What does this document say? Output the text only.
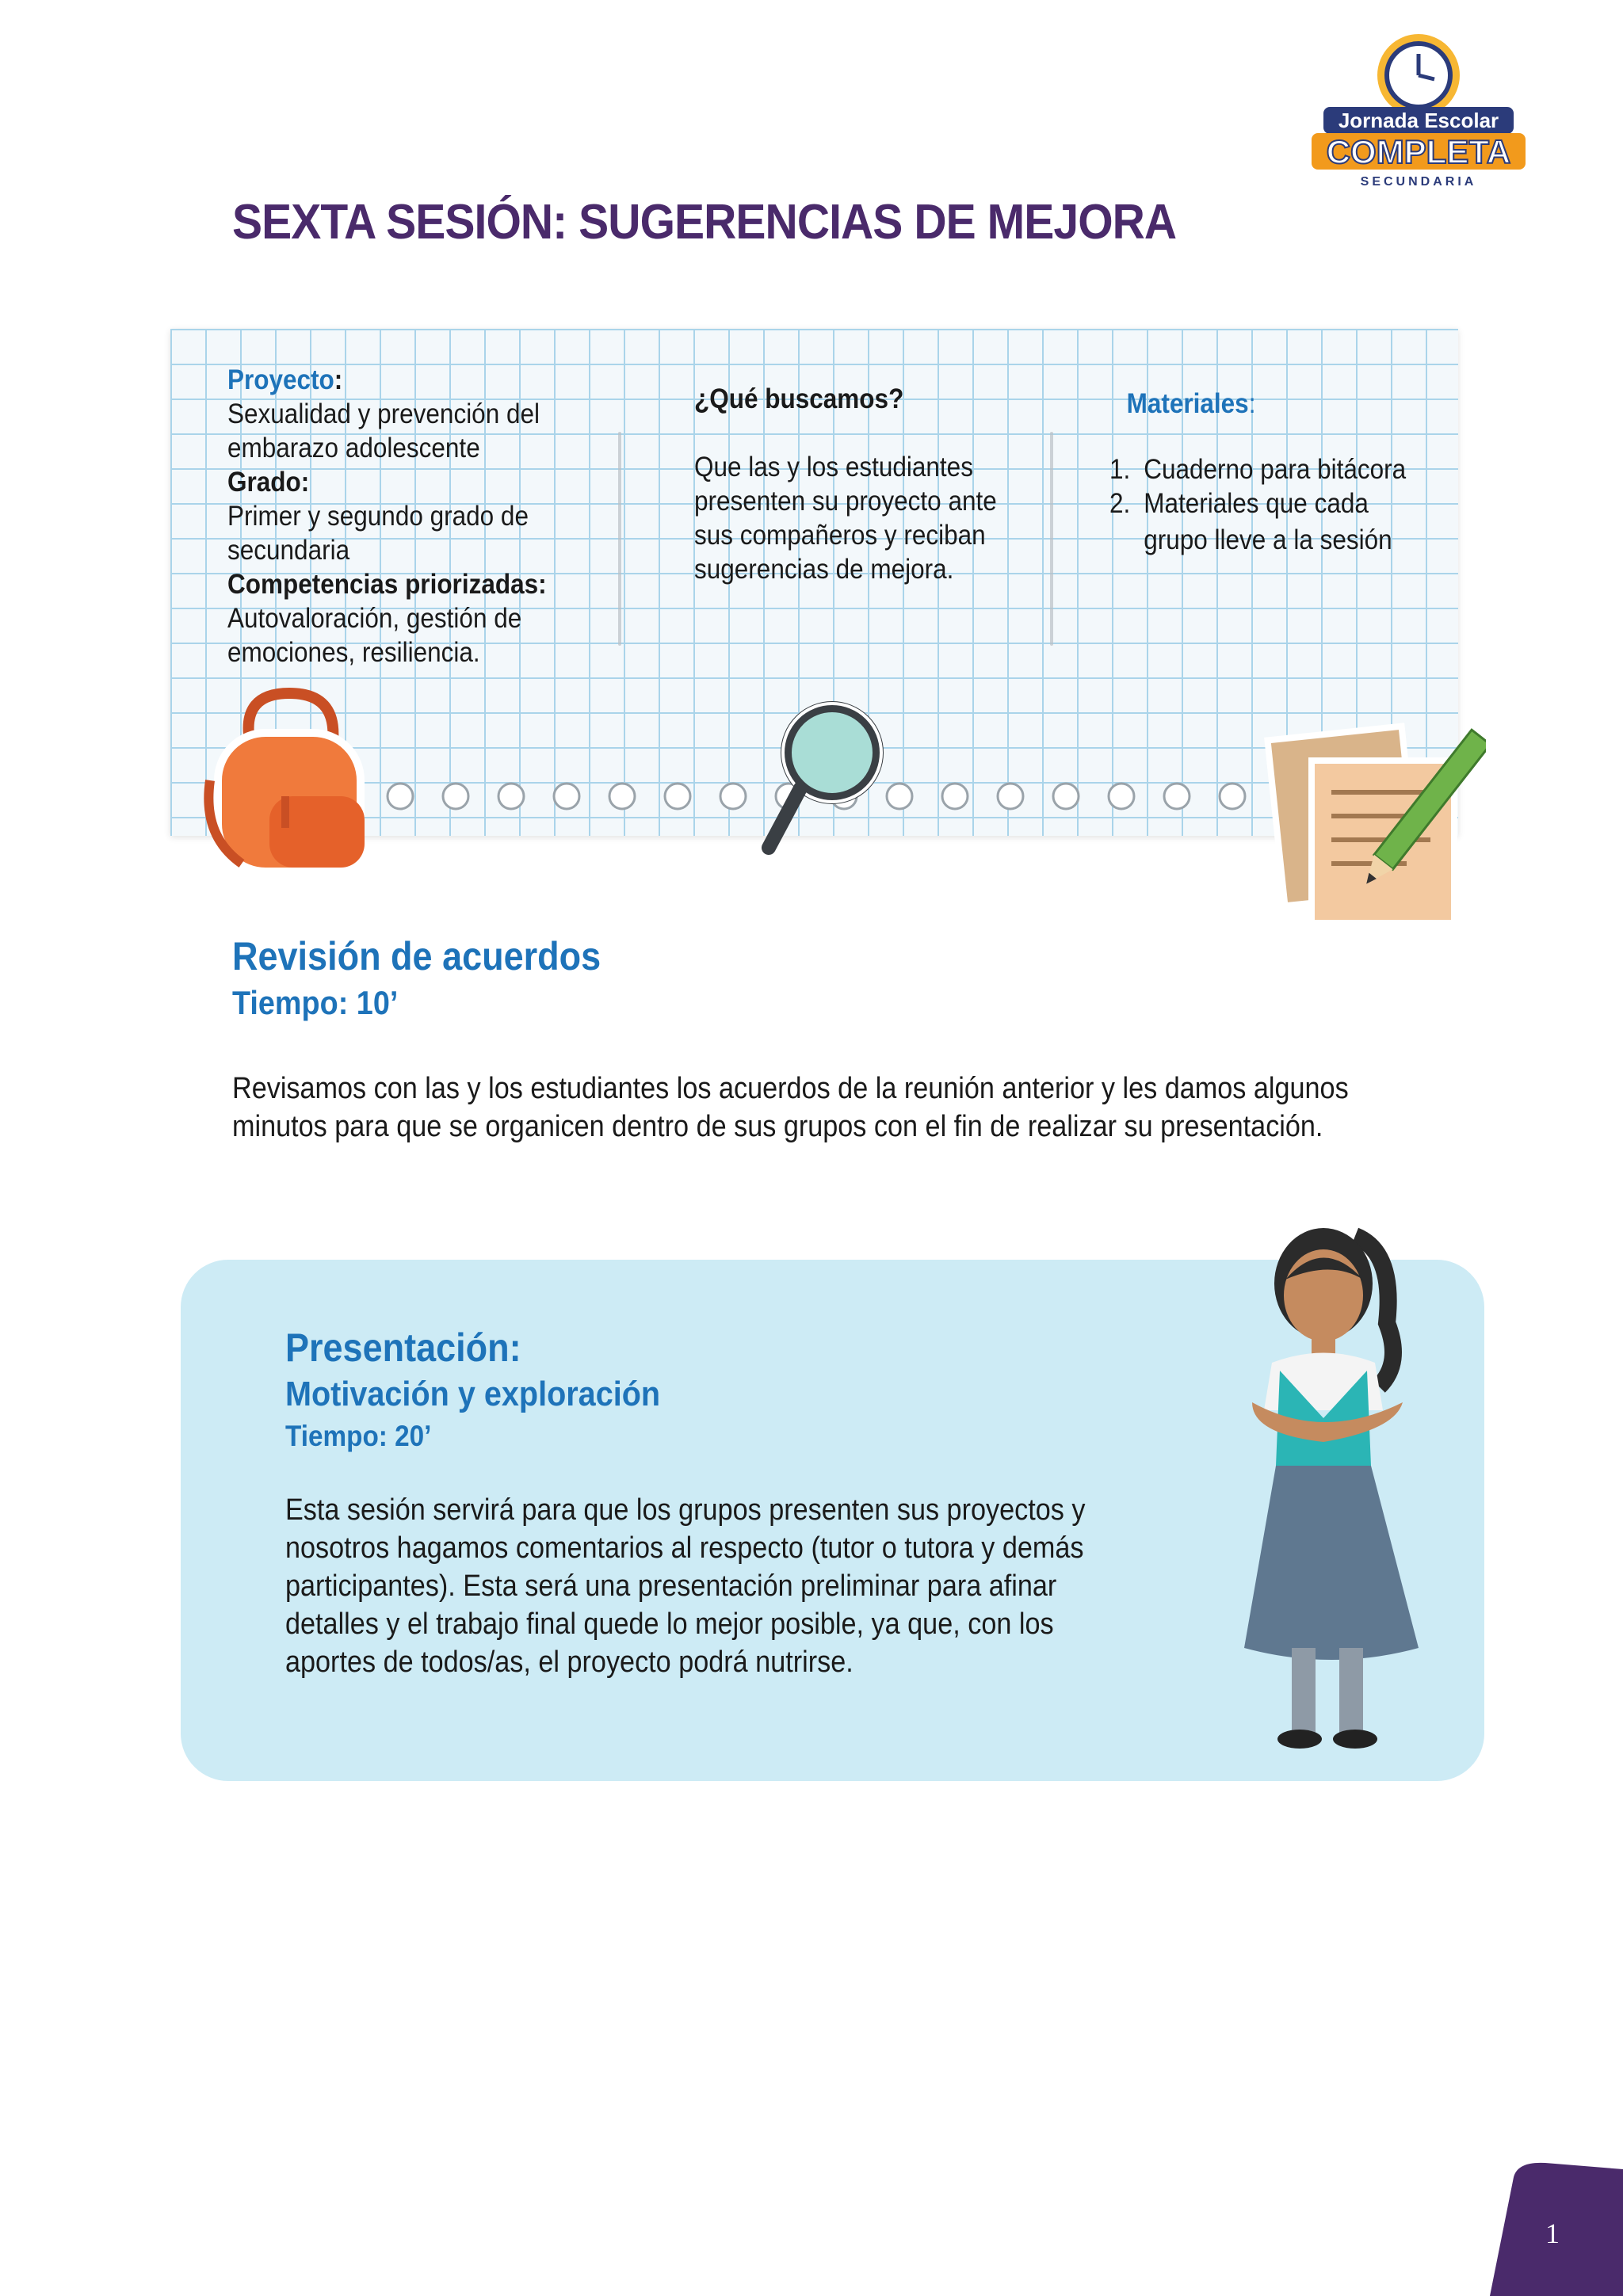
Jornada Escolar
COMPLETA
SECUNDARIA
SEXTA SESIÓN: SUGERENCIAS DE MEJORA
Proyecto:
Sexualidad y prevención del
embarazo adolescente
Grado:
Primer y segundo grado de
secundaria
Competencias priorizadas:
Autovaloración, gestión de
emociones, resiliencia.
¿Qué buscamos?
Que las y los estudiantes
presenten su proyecto ante
sus compañeros y reciban
sugerencias de mejora.
Materiales:
1. Cuaderno para bitácora
2. Materiales que cada
grupo lleve a la sesión
Revisión de acuerdos
Tiempo: 10’
Revisamos con las y los estudiantes los acuerdos de la reunión anterior y les damos algunos
minutos para que se organicen dentro de sus grupos con el fin de realizar su presentación.
Presentación:
Motivación y exploración
Tiempo: 20’
Esta sesión servirá para que los grupos presenten sus proyectos y
nosotros hagamos comentarios al respecto (tutor o tutora y demás
participantes). Esta será una presentación preliminar para afinar
detalles y el trabajo final quede lo mejor posible, ya que, con los
aportes de todos/as, el proyecto podrá nutrirse.
1
